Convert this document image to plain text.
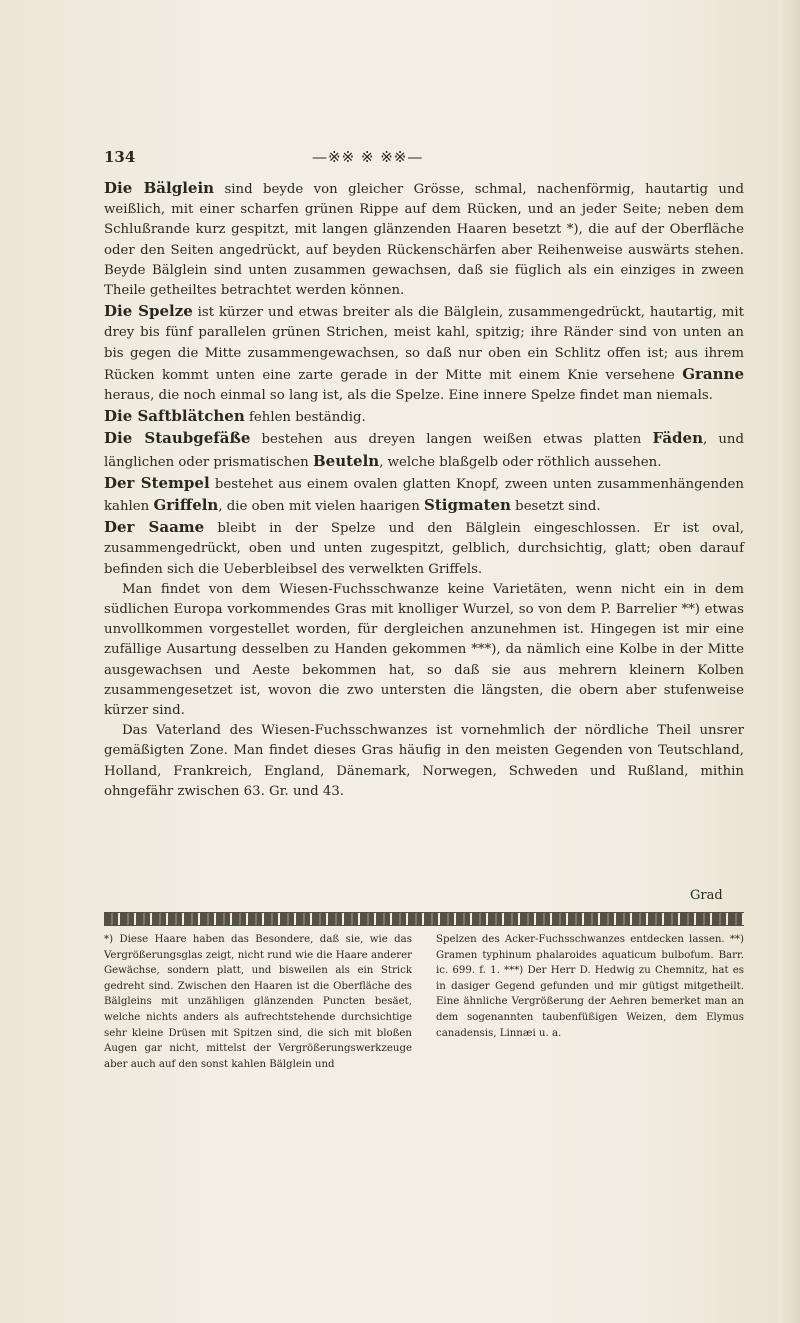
134	—※※ ※ ※※—

Die Bälglein sind beyde von gleicher Grösse, schmal, nachenförmig, hautartig und weißlich, mit einer scharfen grünen Rippe auf dem Rücken, und an jeder Seite; neben dem Schlußrande kurz gespitzt, mit langen glänzenden Haaren besetzt *), die auf der Oberfläche oder den Seiten angedrückt, auf beyden Rückenschärfen aber Reihenweise auswärts stehen. Beyde Bälglein sind unten zusammen gewachsen, daß sie füglich als ein einziges in zween Theile getheiltes betrachtet werden können.

Die Spelze ist kürzer und etwas breiter als die Bälglein, zusammengedrückt, hautartig, mit drey bis fünf parallelen grünen Strichen, meist kahl, spitzig; ihre Ränder sind von unten an bis gegen die Mitte zusammengewachsen, so daß nur oben ein Schlitz offen ist; aus ihrem Rücken kommt unten eine zarte gerade in der Mitte mit einem Knie versehene Granne heraus, die noch einmal so lang ist, als die Spelze. Eine innere Spelze findet man niemals.

Die Saftblätchen fehlen beständig.

Die Staubgefäße bestehen aus dreyen langen weißen etwas platten Fäden, und länglichen oder prismatischen Beuteln, welche blaßgelb oder röthlich aussehen.

Der Stempel bestehet aus einem ovalen glatten Knopf, zween unten zusammenhängenden kahlen Griffeln, die oben mit vielen haarigen Stigmaten besetzt sind.

Der Saame bleibt in der Spelze und den Bälglein eingeschlossen. Er ist oval, zusammengedrückt, oben und unten zugespitzt, gelblich, durchsichtig, glatt; oben darauf befinden sich die Ueberbleibsel des verwelkten Griffels.

Man findet von dem Wiesen-Fuchsschwanze keine Varietäten, wenn nicht ein in dem südlichen Europa vorkommendes Gras mit knolliger Wurzel, so von dem P. Barrelier **) etwas unvollkommen vorgestellet worden, für dergleichen anzunehmen ist. Hingegen ist mir eine zufällige Ausartung desselben zu Handen gekommen ***), da nämlich eine Kolbe in der Mitte ausgewachsen und Aeste bekommen hat, so daß sie aus mehrern kleinern Kolben zusammengesetzet ist, wovon die zwo untersten die längsten, die obern aber stufenweise kürzer sind.

Das Vaterland des Wiesen-Fuchsschwanzes ist vornehmlich der nördliche Theil unsrer gemäßigten Zone. Man findet dieses Gras häufig in den meisten Gegenden von Teutschland, Holland, Frankreich, England, Dänemark, Norwegen, Schweden und Rußland, mithin ohngefähr zwischen 63. Gr. und 43.

Grad

*) Diese Haare haben das Besondere, daß sie, wie das Vergrößerungsglas zeigt, nicht rund wie die Haare anderer Gewächse, sondern platt, und bisweilen als ein Strick gedreht sind. Zwischen den Haaren ist die Oberfläche des Bälgleins mit unzähligen glänzenden Puncten besäet, welche nichts anders als aufrechtstehende durchsichtige sehr kleine Drüsen mit Spitzen sind, die sich mit bloßen Augen gar nicht, mittelst der Vergrößerungswerkzeuge aber auch auf den sonst kahlen Bälglein und

Spelzen des Acker-Fuchsschwanzes entdecken lassen. **) Gramen typhinum phalaroides aquaticum bulbofum. Barr. ic. 699. f. 1. ***) Der Herr D. Hedwig zu Chemnitz, hat es in dasiger Gegend gefunden und mir gütigst mitgetheilt. Eine ähnliche Vergrößerung der Aehren bemerket man an dem sogenannten taubenfüßigen Weizen, dem Elymus canadensis, Linnæi u. a.
